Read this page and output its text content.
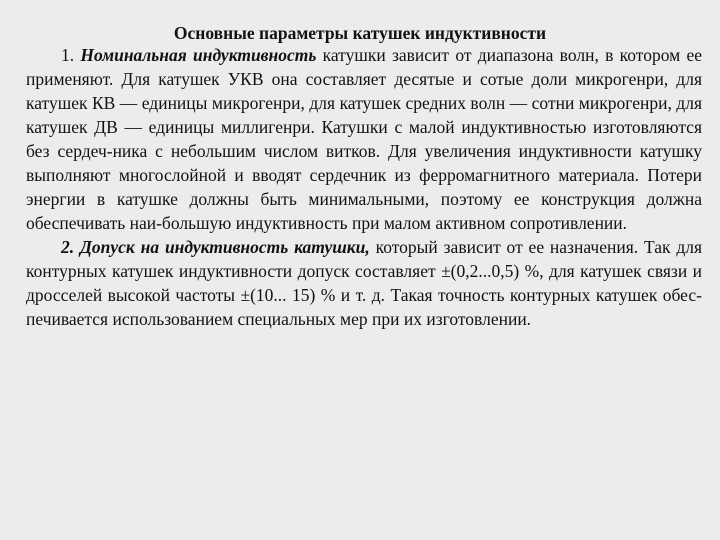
Основные параметры катушек индуктивности

1. Номинальная индуктивность катушки зависит от диапазона волн, в котором ее применяют. Для катушек УКВ она составляет десятые и сотые доли микрогенри, для катушек КВ — единицы микрогенри, для катушек средних волн — сотни микрогенри, для катушек ДВ — единицы миллигенри. Катушки с малой индуктивностью изготовляются без сердеч-ника с небольшим числом витков. Для увеличения индуктивности катушку выполняют многослойной и вводят сердечник из ферромагнитного материала. Потери энергии в катушке должны быть минимальными, поэтому ее конструкция должна обеспечивать наи-большую индуктивность при малом активном сопротивлении.

2. Допуск на индуктивность катушки, который зависит от ее назначения. Так для контурных катушек индуктивности допуск составляет ±(0,2...0,5) %, для катушек связи и дросселей высокой частоты ±(10... 15) % и т. д. Такая точность контурных катушек обес-печивается использованием специальных мер при их изготовлении.
